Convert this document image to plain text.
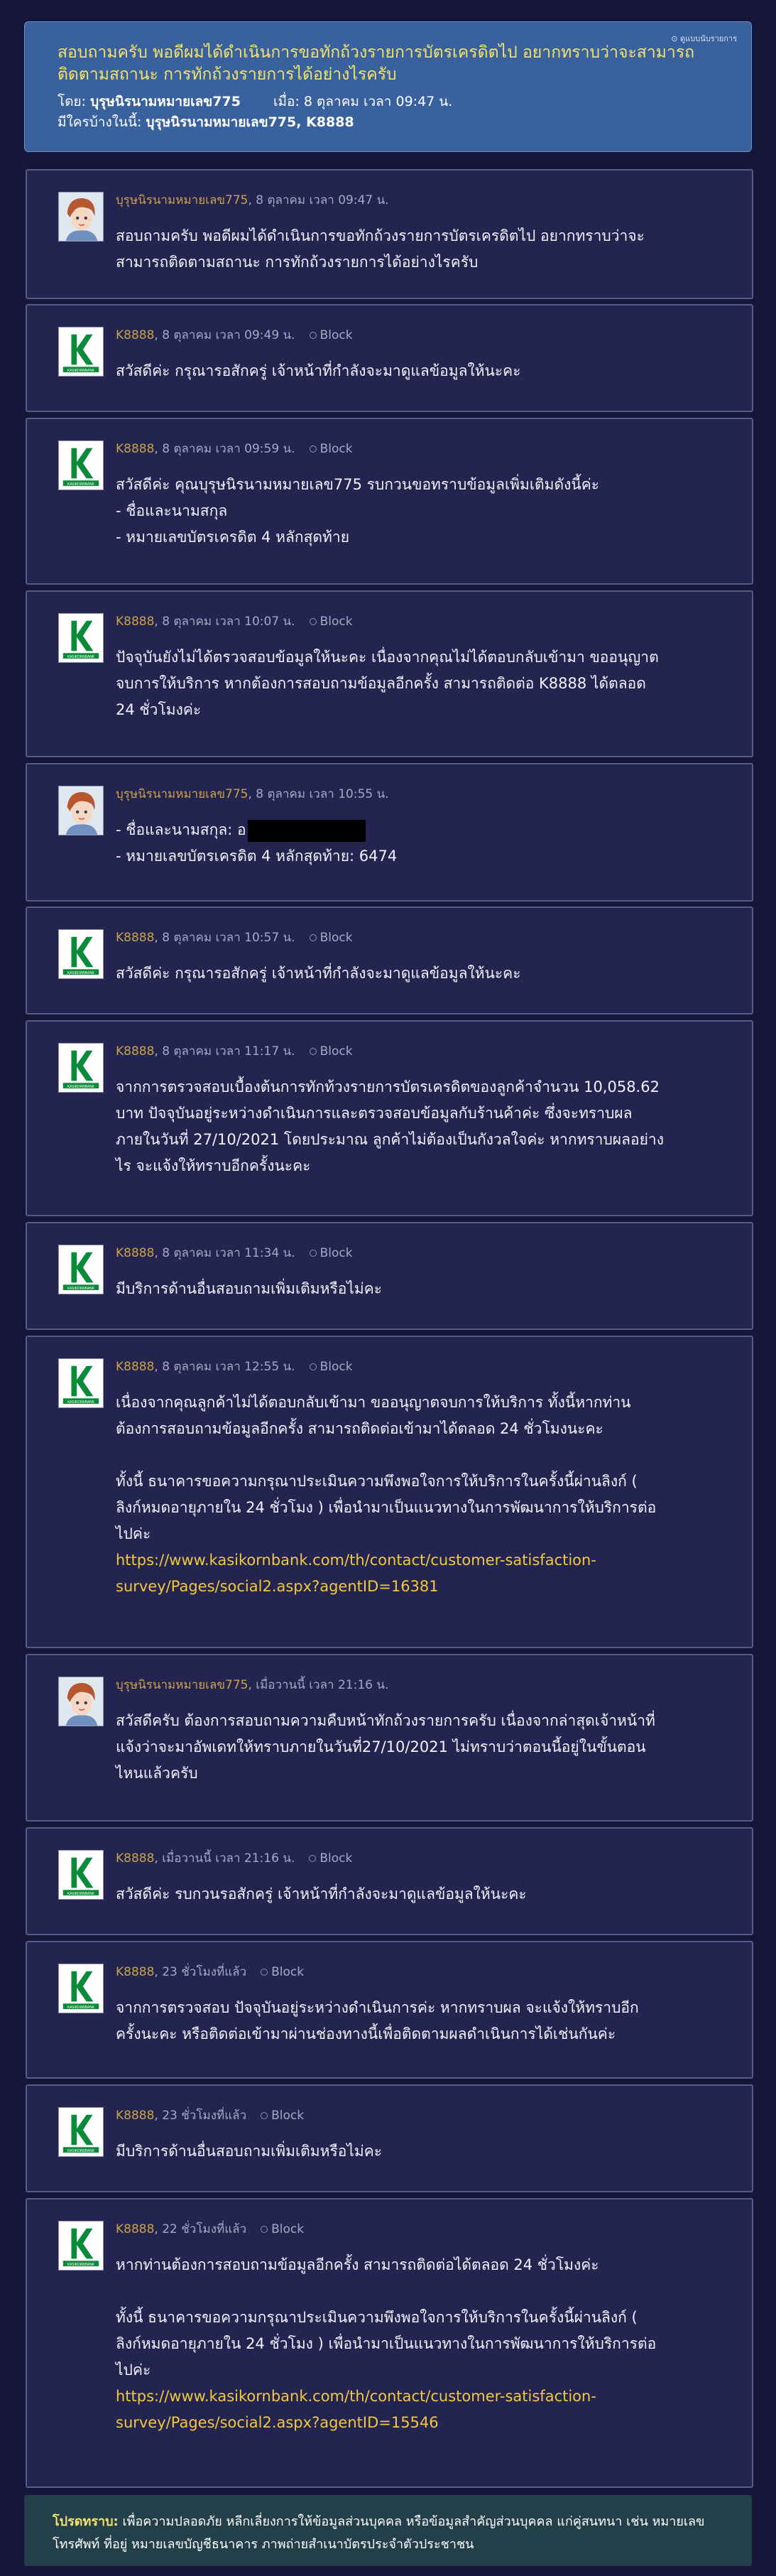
⊙ ดูแบบนับรายการ
สอบถามครับ พอดีผมได้ดำเนินการขอทักถ้วงรายการบัตรเครดิตไป อยากทราบว่าจะสามารถติดตามสถานะ การทักถ้วงรายการได้อย่างไรครับ
โดย: บุรุษนิรนามหมายเลข775 เมื่อ: 8 ตุลาคม เวลา 09:47 น.
มีใครบ้างในนี้: บุรุษนิรนามหมายเลข775, K8888
บุรุษนิรนามหมายเลข775, 8 ตุลาคม เวลา 09:47 น.
สอบถามครับ พอดีผมได้ดำเนินการขอทักถ้วงรายการบัตรเครดิตไป อยากทราบว่าจะ
สามารถติดตามสถานะ การทักถ้วงรายการได้อย่างไรครับ
KASIKORNBANK
K8888, 8 ตุลาคม เวลา 09:49 น. Block
สวัสดีค่ะ กรุณารอสักครู่ เจ้าหน้าที่กำลังจะมาดูแลข้อมูลให้นะคะ
KASIKORNBANK
K8888, 8 ตุลาคม เวลา 09:59 น. Block
สวัสดีค่ะ คุณบุรุษนิรนามหมายเลข775 รบกวนขอทราบข้อมูลเพิ่มเติมดังนี้ค่ะ
- ชื่อและนามสกุล
- หมายเลขบัตรเครดิต 4 หลักสุดท้าย
KASIKORNBANK
K8888, 8 ตุลาคม เวลา 10:07 น. Block
ปัจจุบันยังไม่ได้ตรวจสอบข้อมูลให้นะคะ เนื่องจากคุณไม่ได้ตอบกลับเข้ามา ขออนุญาต
จบการให้บริการ หากต้องการสอบถามข้อมูลอีกครั้ง สามารถติดต่อ K8888 ได้ตลอด
24 ชั่วโมงค่ะ
บุรุษนิรนามหมายเลข775, 8 ตุลาคม เวลา 10:55 น.
- ชื่อและนามสกุล: อ
- หมายเลขบัตรเครดิต 4 หลักสุดท้าย: 6474
KASIKORNBANK
K8888, 8 ตุลาคม เวลา 10:57 น. Block
สวัสดีค่ะ กรุณารอสักครู่ เจ้าหน้าที่กำลังจะมาดูแลข้อมูลให้นะคะ
KASIKORNBANK
K8888, 8 ตุลาคม เวลา 11:17 น. Block
จากการตรวจสอบเบื้องต้นการทักท้วงรายการบัตรเครดิตของลูกค้าจำนวน 10,058.62
บาท ปัจจุบันอยู่ระหว่างดำเนินการและตรวจสอบข้อมูลกับร้านค้าค่ะ ซึ่งจะทราบผล
ภายในวันที่ 27/10/2021 โดยประมาณ ลูกค้าไม่ต้องเป็นกังวลใจค่ะ หากทราบผลอย่าง
ไร จะแจ้งให้ทราบอีกครั้งนะคะ
KASIKORNBANK
K8888, 8 ตุลาคม เวลา 11:34 น. Block
มีบริการด้านอื่นสอบถามเพิ่มเติมหรือไม่คะ
KASIKORNBANK
K8888, 8 ตุลาคม เวลา 12:55 น. Block
เนื่องจากคุณลูกค้าไม่ได้ตอบกลับเข้ามา ขออนุญาตจบการให้บริการ ทั้งนี้หากท่าน
ต้องการสอบถามข้อมูลอีกครั้ง สามารถติดต่อเข้ามาได้ตลอด 24 ชั่วโมงนะคะ

ทั้งนี้ ธนาคารขอความกรุณาประเมินความพึงพอใจการให้บริการในครั้งนี้ผ่านลิงก์ (
ลิงก์หมดอายุภายใน 24 ชั่วโมง ) เพื่อนำมาเป็นแนวทางในการพัฒนาการให้บริการต่อ
ไปค่ะ
https://www.kasikornbank.com/th/contact/customer-satisfaction-
survey/Pages/social2.aspx?agentID=16381
บุรุษนิรนามหมายเลข775, เมื่อวานนี้ เวลา 21:16 น.
สวัสดีครับ ต้องการสอบถามความคืบหน้าทักถ้วงรายการครับ เนื่องจากล่าสุดเจ้าหน้าที่
แจ้งว่าจะมาอัพเดทให้ทราบภายในวันที่27/10/2021 ไม่ทราบว่าตอนนี้อยู่ในขั้นตอน
ไหนแล้วครับ
KASIKORNBANK
K8888, เมื่อวานนี้ เวลา 21:16 น. Block
สวัสดีค่ะ รบกวนรอสักครู่ เจ้าหน้าที่กำลังจะมาดูแลข้อมูลให้นะคะ
KASIKORNBANK
K8888, 23 ชั่วโมงที่แล้ว Block
จากการตรวจสอบ ปัจจุบันอยู่ระหว่างดำเนินการค่ะ หากทราบผล จะแจ้งให้ทราบอีก
ครั้งนะคะ หรือติดต่อเข้ามาผ่านช่องทางนี้เพื่อติดตามผลดำเนินการได้เช่นกันค่ะ
KASIKORNBANK
K8888, 23 ชั่วโมงที่แล้ว Block
มีบริการด้านอื่นสอบถามเพิ่มเติมหรือไม่คะ
KASIKORNBANK
K8888, 22 ชั่วโมงที่แล้ว Block
หากท่านต้องการสอบถามข้อมูลอีกครั้ง สามารถติดต่อได้ตลอด 24 ชั่วโมงค่ะ

ทั้งนี้ ธนาคารขอความกรุณาประเมินความพึงพอใจการให้บริการในครั้งนี้ผ่านลิงก์ (
ลิงก์หมดอายุภายใน 24 ชั่วโมง ) เพื่อนำมาเป็นแนวทางในการพัฒนาการให้บริการต่อ
ไปค่ะ
https://www.kasikornbank.com/th/contact/customer-satisfaction-
survey/Pages/social2.aspx?agentID=15546
โปรดทราบ: เพื่อความปลอดภัย หลีกเลี่ยงการให้ข้อมูลส่วนบุคคล หรือข้อมูลสำคัญส่วนบุคคล แก่คู่สนทนา เช่น หมายเลขโทรศัพท์ ที่อยู่ หมายเลขบัญชีธนาคาร ภาพถ่ายสำเนาบัตรประจำตัวประชาชน
